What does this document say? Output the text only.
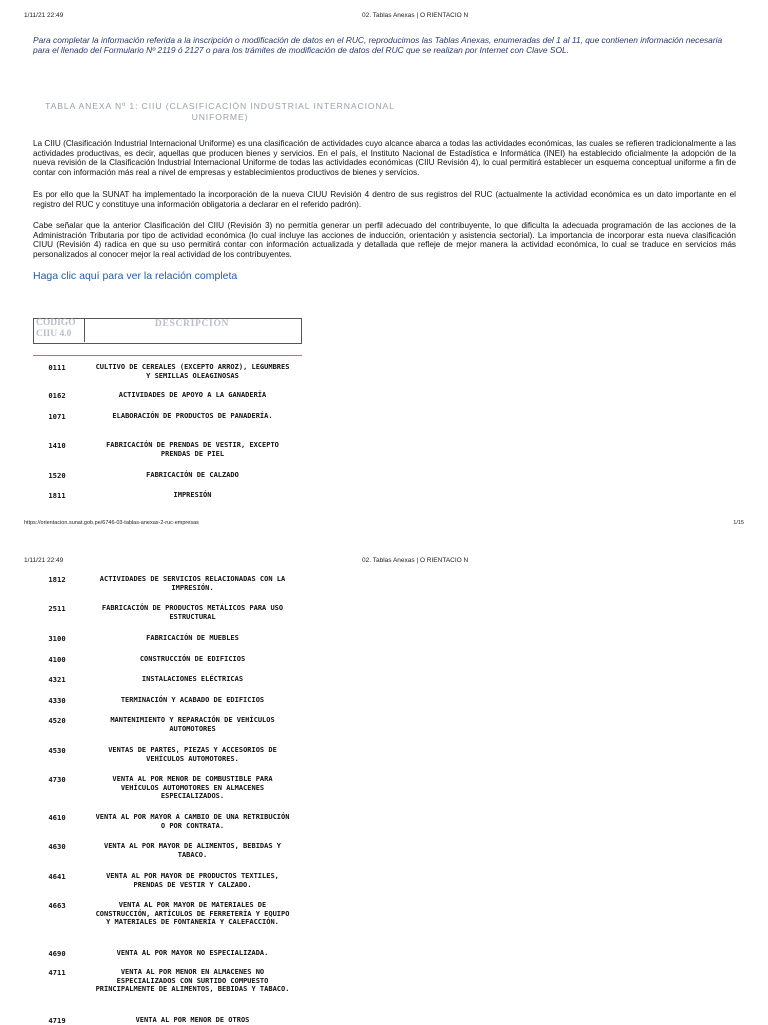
1/11/21 22:49	02. Tablas Anexas | O RIENTACIO N
Para completar la información referida a la inscripción o modificación de datos en el RUC, reproducimos las Tablas Anexas, enumeradas del 1 al 11, que contienen información necesaria para el llenado del Formulario Nº 2119 ó 2127 o para los trámites de modificación de datos del RUC que se realizan por Internet con Clave SOL.
TABLA ANEXA Nº 1: CIIU (CLASIFICACIÓN INDUSTRIAL INTERNACIONAL
UNIFORME)
La CIIU (Clasificación Industrial Internacional Uniforme) es una clasificación de actividades cuyo alcance abarca a todas las actividades económicas, las cuales se refieren tradicionalmente a las actividades productivas, es decir, aquellas que producen bienes y servicios. En el país, el Instituto Nacional de Estadística e Informática (INEI) ha establecido oficialmente la adopción de la nueva revisión de la Clasificación Industrial Internacional Uniforme de todas las actividades económicas (CIIU Revisión 4), lo cual permitirá establecer un esquema conceptual uniforme a fin de contar con información más real a nivel de empresas y establecimientos productivos de bienes y servicios.
Es por ello que la SUNAT ha implementado la incorporación de la nueva CIUU Revisión 4 dentro de sus registros del RUC (actualmente la actividad económica es un dato importante en el registro del RUC y constituye una información obligatoria a declarar en el referido padrón).
Cabe señalar que la anterior Clasificación del CIIU (Revisión 3) no permitía generar un perfil adecuado del contribuyente, lo que dificulta la adecuada programación de las acciones de la Administración Tributaria por tipo de actividad económica (lo cual incluye las acciones de inducción, orientación y asistencia sectorial). La importancia de incorporar esta nueva clasificación CIUU (Revisión 4) radica en que su uso permitirá contar con información actualizada y detallada que refleje de mejor manera la actividad económica, lo cual se traduce en servicios más personalizados al conocer mejor la real actividad de los contribuyentes.
Haga clic aquí para ver la relación completa
CODIGO
CIIU 4.0
DESCRIPCION
0111	CULTIVO DE CEREALES (EXCEPTO ARROZ), LEGUMBRES Y SEMILLAS OLEAGINOSAS
0162	ACTIVIDADES DE APOYO A LA GANADERÍA
1071	ELABORACIÓN DE PRODUCTOS DE PANADERÍA.
1410	FABRICACIÓN DE PRENDAS DE VESTIR, EXCEPTO PRENDAS DE PIEL
1520	FABRICACIÓN DE CALZADO
1811	IMPRESIÓN
https://orientacion.sunat.gob.pe/6746-03-tablas-anexas-2-ruc-empresas	1/15
1/11/21 22:49	02. Tablas Anexas | O RIENTACIO N
1812	ACTIVIDADES DE SERVICIOS RELACIONADAS CON LA IMPRESIÓN.
2511	FABRICACIÓN DE PRODUCTOS METÁLICOS PARA USO ESTRUCTURAL
3100	FABRICACIÓN DE MUEBLES
4100	CONSTRUCCIÓN DE EDIFICIOS
4321	INSTALACIONES ELÉCTRICAS
4330	TERMINACIÓN Y ACABADO DE EDIFICIOS
4520	MANTENIMIENTO Y REPARACIÓN DE VEHÍCULOS AUTOMOTORES
4530	VENTAS DE PARTES, PIEZAS Y ACCESORIOS DE VEHÍCULOS AUTOMOTORES.
4730	VENTA AL POR MENOR DE COMBUSTIBLE PARA VEHÍCULOS AUTOMOTORES EN ALMACENES ESPECIALIZADOS.
4610	VENTA AL POR MAYOR A CAMBIO DE UNA RETRIBUCIÓN O POR CONTRATA.
4630	VENTA AL POR MAYOR DE ALIMENTOS, BEBIDAS Y TABACO.
4641	VENTA AL POR MAYOR DE PRODUCTOS TEXTILES, PRENDAS DE VESTIR Y CALZADO.
4663	VENTA AL POR MAYOR DE MATERIALES DE CONSTRUCCIÓN, ARTÍCULOS DE FERRETERÍA Y EQUIPO Y MATERIALES DE FONTANERÍA Y CALEFACCIÓN.
4690	VENTA AL POR MAYOR NO ESPECIALIZADA.
4711	VENTA AL POR MENOR EN ALMACENES NO ESPECIALIZADOS CON SURTIDO COMPUESTO PRINCIPALMENTE DE ALIMENTOS, BEBIDAS Y TABACO.
4719	VENTA AL POR MENOR DE OTROS
